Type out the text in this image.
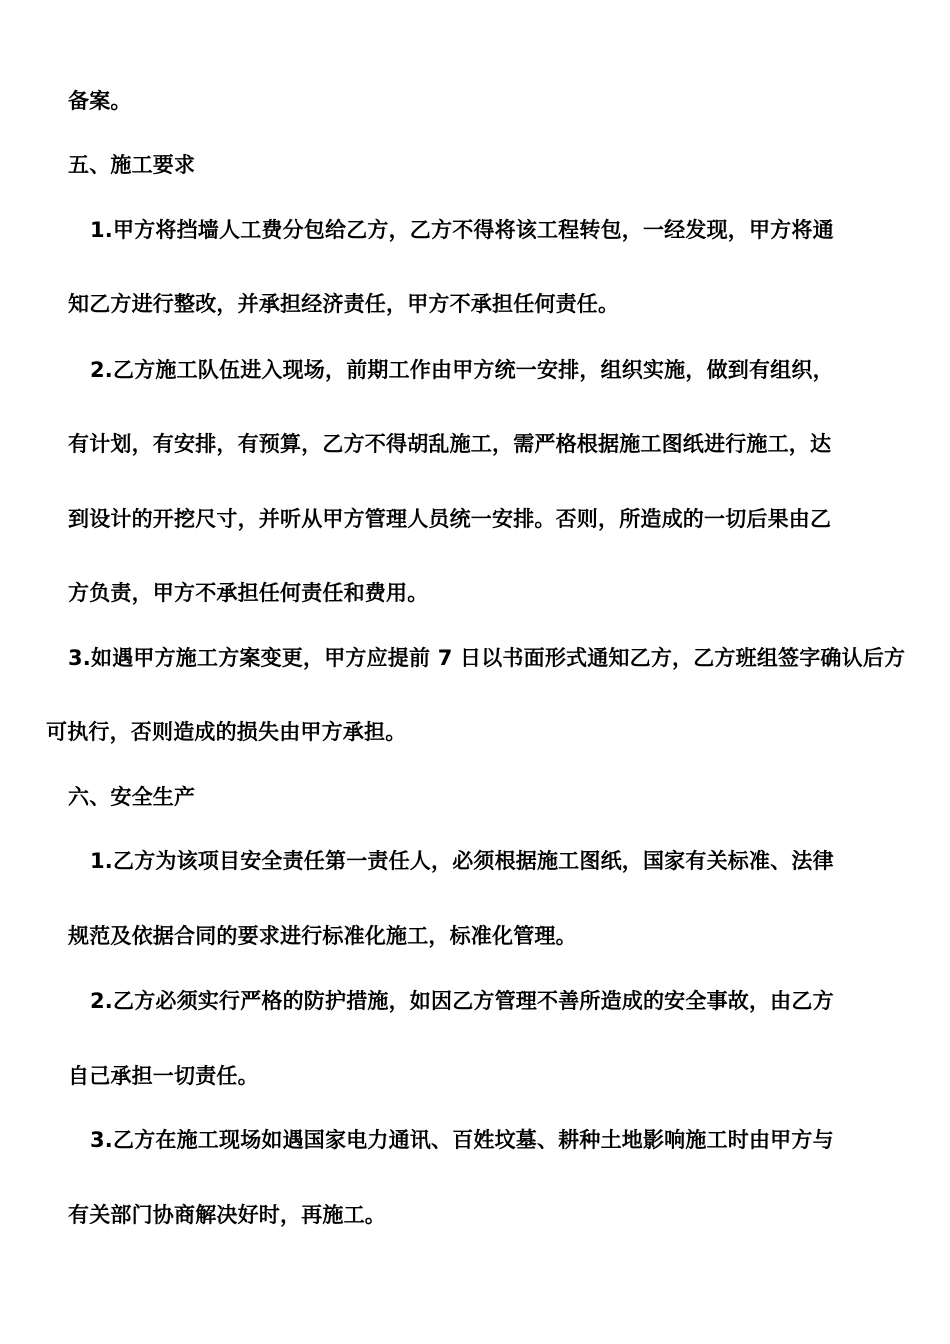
备案。
五、施工要求
1.甲方将挡墙人工费分包给乙方，乙方不得将该工程转包，一经发现，甲方将通
知乙方进行整改，并承担经济责任，甲方不承担任何责任。
2.乙方施工队伍进入现场，前期工作由甲方统一安排，组织实施，做到有组织，
有计划，有安排，有预算，乙方不得胡乱施工，需严格根据施工图纸进行施工，达
到设计的开挖尺寸，并听从甲方管理人员统一安排。否则，所造成的一切后果由乙
方负责，甲方不承担任何责任和费用。
3.如遇甲方施工方案变更，甲方应提前 7 日以书面形式通知乙方，乙方班组签字确认后方
可执行，否则造成的损失由甲方承担。
六、安全生产
1.乙方为该项目安全责任第一责任人，必须根据施工图纸，国家有关标准、法律
规范及依据合同的要求进行标准化施工，标准化管理。
2.乙方必须实行严格的防护措施，如因乙方管理不善所造成的安全事故，由乙方
自己承担一切责任。
3.乙方在施工现场如遇国家电力通讯、百姓坟墓、耕种土地影响施工时由甲方与
有关部门协商解决好时，再施工。
